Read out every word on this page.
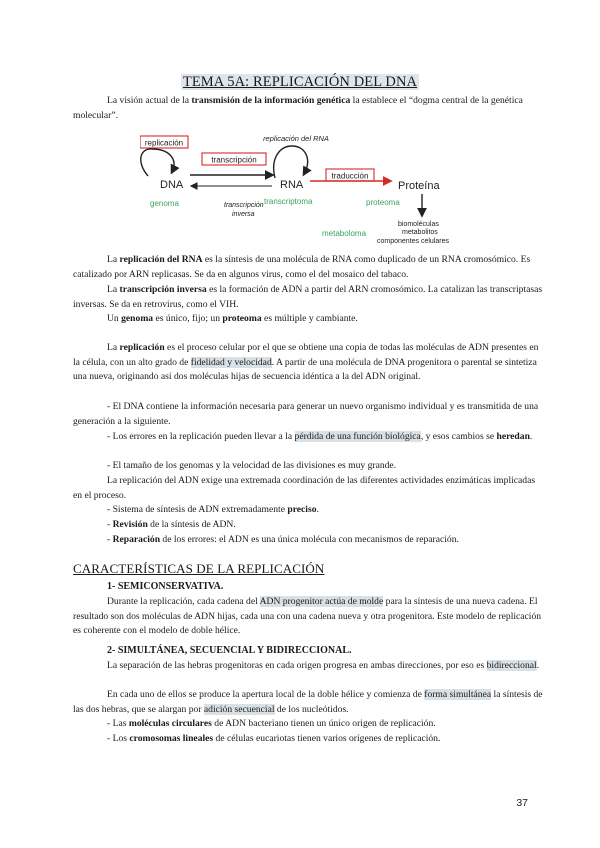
TEMA 5A: REPLICACIÓN DEL DNA

La visión actual de la transmisión de la información genética la establece el “dogma central de la genética molecular”.

replicación
DNA
transcripción
replicación del RNA
RNA
traducción
Proteína
genoma	transcripción
inversa
transcriptoma	proteoma
metaboloma
biomoléculas
metabolitos
componentes celulares

La replicación del RNA es la síntesis de una molécula de RNA como duplicado de un RNA cromosómico. Es catalizado por ARN replicasas. Se da en algunos virus, como el del mosaico del tabaco.

La transcripción inversa es la formación de ADN a partir del ARN cromosómico. La catalizan las transcriptasas inversas. Se da en retrovirus, como el VIH.

Un genoma es único, fijo; un proteoma es múltiple y cambiante.

La replicación es el proceso celular por el que se obtiene una copia de todas las moléculas de ADN presentes en la célula, con un alto grado de fidelidad y velocidad. A partir de una molécula de DNA progenitora o parental se sintetiza una nueva, originando así dos moléculas hijas de secuencia idéntica a la del ADN original.

- El DNA contiene la información necesaria para generar un nuevo organismo individual y es transmitida de una generación a la siguiente.

- Los errores en la replicación pueden llevar a la pérdida de una función biológica, y esos cambios se heredan.

- El tamaño de los genomas y la velocidad de las divisiones es muy grande.

La replicación del ADN exige una extremada coordinación de las diferentes actividades enzimáticas implicadas en el proceso.

- Sistema de síntesis de ADN extremadamente preciso.

- Revisión de la síntesis de ADN.

- Reparación de los errores: el ADN es una única molécula con mecanismos de reparación.

CARACTERÍSTICAS DE LA REPLICACIÓN
1- SEMICONSERVATIVA.

Durante la replicación, cada cadena del ADN progenitor actúa de molde para la síntesis de una nueva cadena. El resultado son dos moléculas de ADN hijas, cada una con una cadena nueva y otra progenitora. Este modelo de replicación es coherente con el modelo de doble hélice.

2- SIMULTÁNEA, SECUENCIAL Y BIDIRECCIONAL.

La separación de las hebras progenitoras en cada origen progresa en ambas direcciones, por eso es bidireccional.

En cada uno de ellos se produce la apertura local de la doble hélice y comienza de forma simultánea la síntesis de las dos hebras, que se alargan por adición secuencial de los nucleótidos.

- Las moléculas circulares de ADN bacteriano tienen un único origen de replicación.

- Los cromosomas lineales de células eucariotas tienen varios orígenes de replicación.

37
